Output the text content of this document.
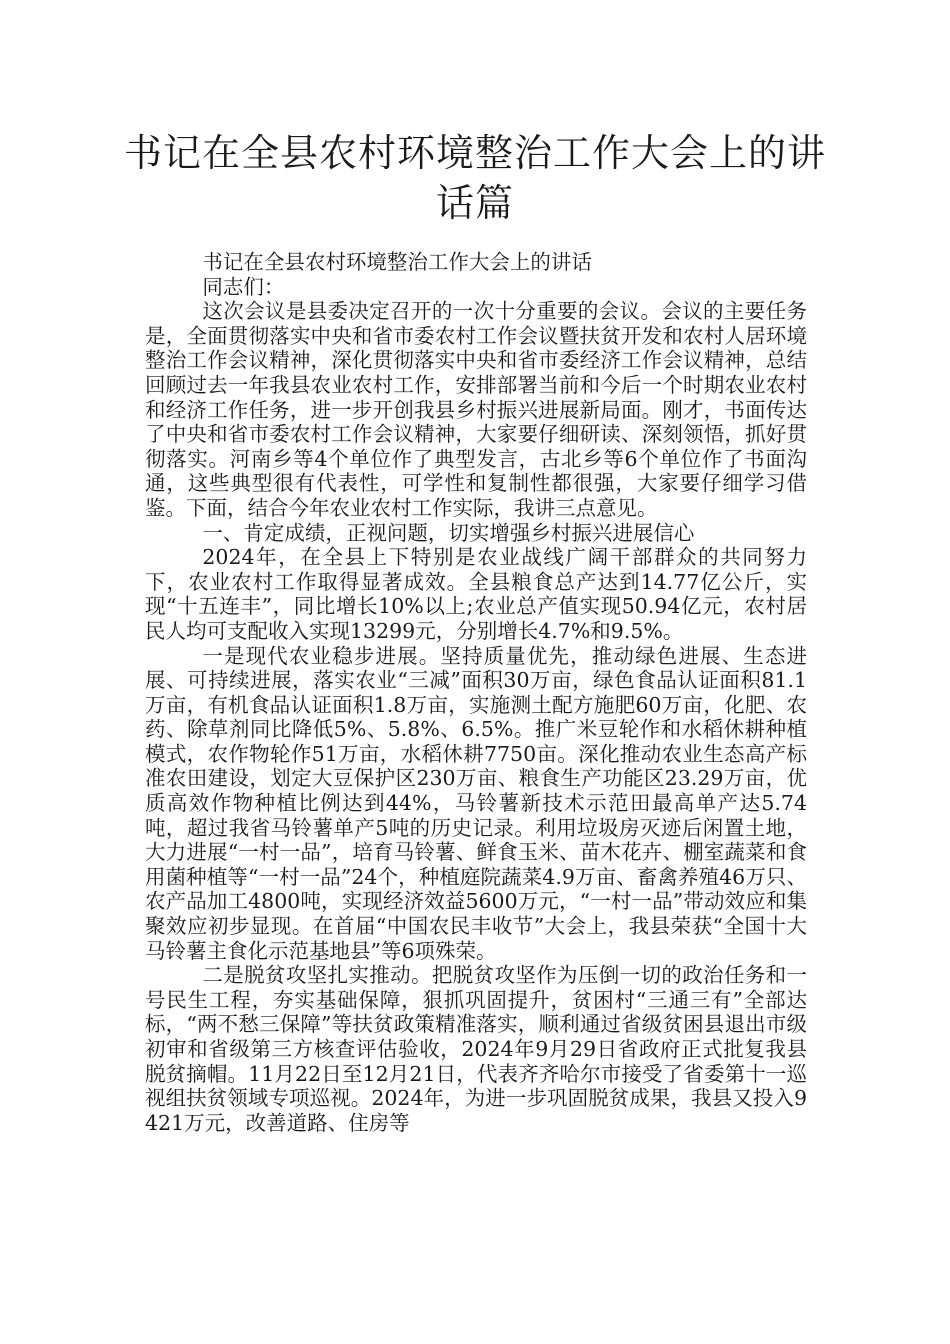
书记在全县农村环境整治工作大会上的讲话篇

书记在全县农村环境整治工作大会上的讲话

同志们：

这次会议是县委决定召开的一次十分重要的会议。会议的主要任务是，全面贯彻落实中央和省市委农村工作会议暨扶贫开发和农村人居环境整治工作会议精神，深化贯彻落实中央和省市委经济工作会议精神，总结回顾过去一年我县农业农村工作，安排部署当前和今后一个时期农业农村和经济工作任务，进一步开创我县乡村振兴进展新局面。刚才，书面传达了中央和省市委农村工作会议精神，大家要仔细研读、深刻领悟，抓好贯彻落实。河南乡等4个单位作了典型发言，古北乡等6个单位作了书面沟通，这些典型很有代表性，可学性和复制性都很强，大家要仔细学习借鉴。下面，结合今年农业农村工作实际，我讲三点意见。

一、肯定成绩，正视问题，切实增强乡村振兴进展信心

2024年，在全县上下特别是农业战线广阔干部群众的共同努力下，农业农村工作取得显著成效。全县粮食总产达到14.77亿公斤，实现“十五连丰”，同比增长10%以上;农业总产值实现50.94亿元，农村居民人均可支配收入实现13299元，分别增长4.7%和9.5%。

一是现代农业稳步进展。坚持质量优先，推动绿色进展、生态进展、可持续进展，落实农业“三减”面积30万亩，绿色食品认证面积81.1万亩，有机食品认证面积1.8万亩，实施测土配方施肥60万亩，化肥、农药、除草剂同比降低5%、5.8%、6.5%。推广米豆轮作和水稻休耕种植模式，农作物轮作51万亩，水稻休耕7750亩。深化推动农业生态高产标准农田建设，划定大豆保护区230万亩、粮食生产功能区23.29万亩，优质高效作物种植比例达到44%，马铃薯新技术示范田最高单产达5.74吨，超过我省马铃薯单产5吨的历史记录。利用垃圾房灭迹后闲置土地，大力进展“一村一品”，培育马铃薯、鲜食玉米、苗木花卉、棚室蔬菜和食用菌种植等“一村一品”24个，种植庭院蔬菜4.9万亩、畜禽养殖46万只、农产品加工4800吨，实现经济效益5600万元，“一村一品”带动效应和集聚效应初步显现。在首届“中国农民丰收节”大会上，我县荣获“全国十大马铃薯主食化示范基地县”等6项殊荣。

二是脱贫攻坚扎实推动。把脱贫攻坚作为压倒一切的政治任务和一号民生工程，夯实基础保障，狠抓巩固提升，贫困村“三通三有”全部达标，“两不愁三保障”等扶贫政策精准落实，顺利通过省级贫困县退出市级初审和省级第三方核查评估验收，2024年9月29日省政府正式批复我县脱贫摘帽。11月22日至12月21日，代表齐齐哈尔市接受了省委第十一巡视组扶贫领域专项巡视。2024年，为进一步巩固脱贫成果，我县又投入9421万元，改善道路、住房等
